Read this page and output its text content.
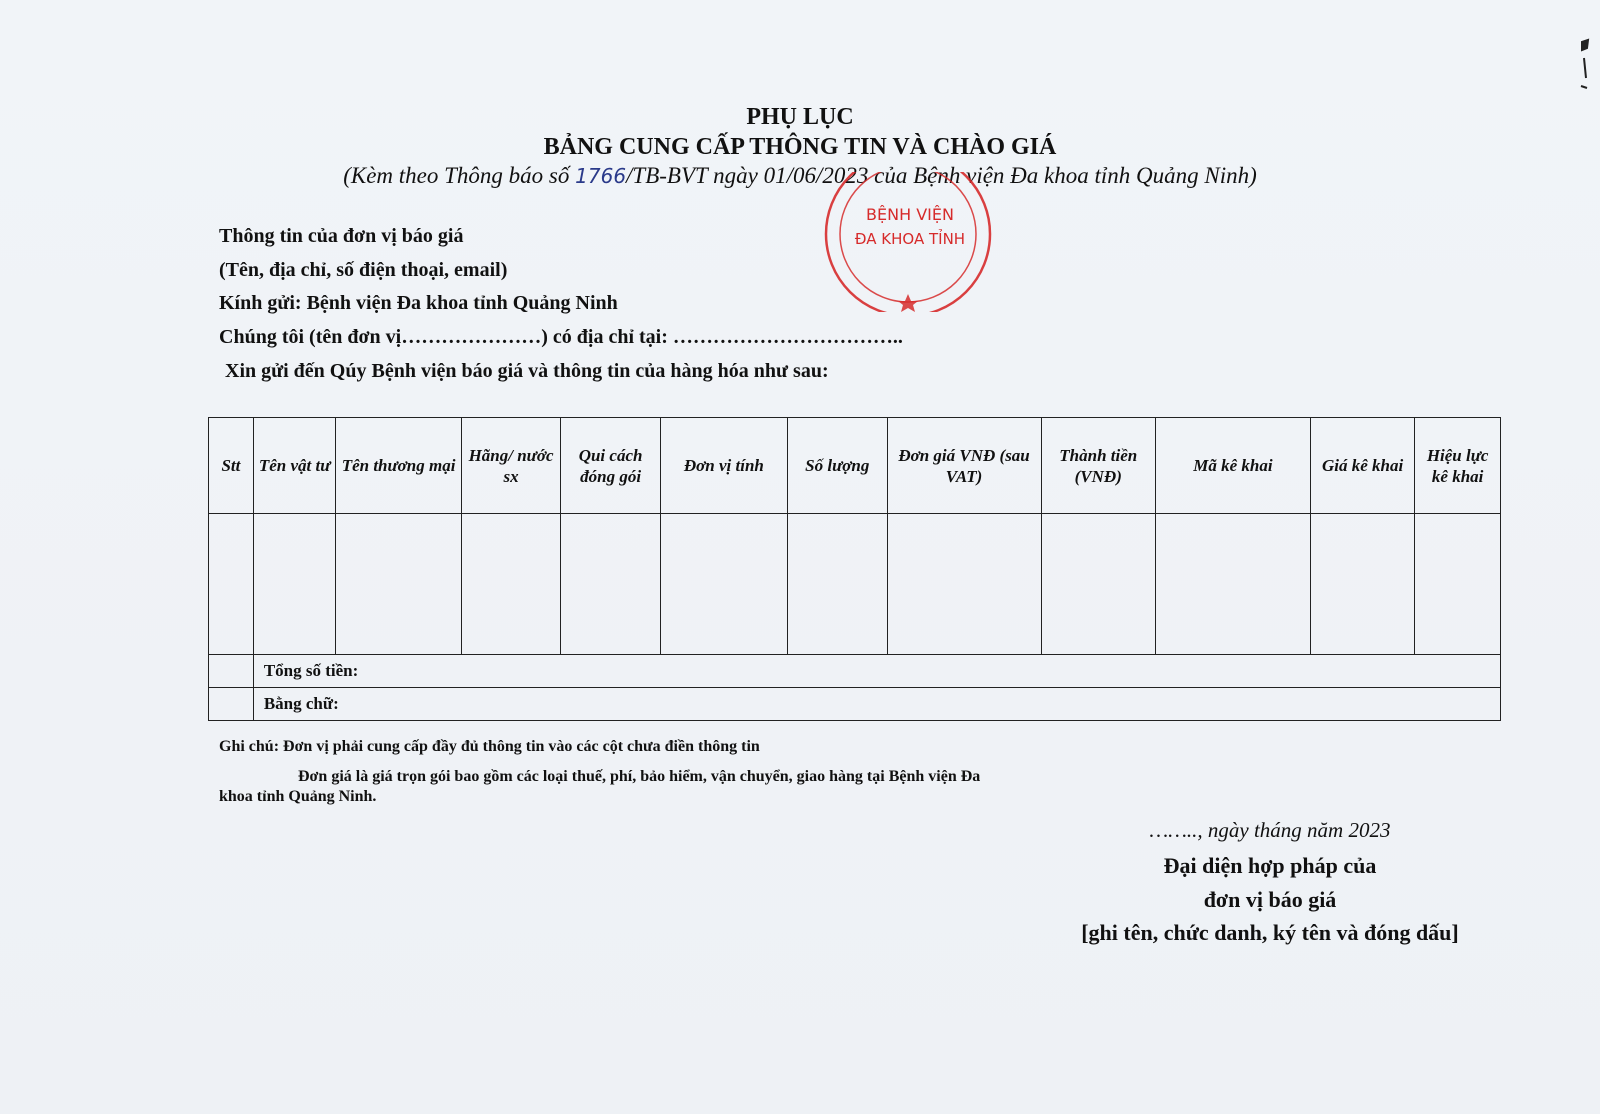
PHỤ LỤC
BẢNG CUNG CẤP THÔNG TIN VÀ CHÀO GIÁ
(Kèm theo Thông báo số 1766/TB-BVT ngày 01/06/2023 của Bệnh viện Đa khoa tỉnh Quảng Ninh)
BỆNH VIỆN
ĐA KHOA TỈNH
Thông tin của đơn vị báo giá
(Tên, địa chỉ, số điện thoại, email)
Kính gửi: Bệnh viện Đa khoa tỉnh Quảng Ninh
Chúng tôi (tên đơn vị…………………) có địa chỉ tại: ……………………………..
Xin gửi đến Qúy Bệnh viện báo giá và thông tin của hàng hóa như sau:
Stt	Tên vật tư	Tên thương mại	Hãng/ nước sx	Qui cách đóng gói	Đơn vị tính	Số lượng	Đơn giá VNĐ (sau VAT)	Thành tiền (VNĐ)	Mã kê khai	Giá kê khai	Hiệu lực kê khai

	Tổng số tiền:										
	Bằng chữ:										
Ghi chú: Đơn vị phải cung cấp đầy đủ thông tin vào các cột chưa điền thông tin
Đơn giá là giá trọn gói bao gồm các loại thuế, phí, bảo hiểm, vận chuyển, giao hàng tại Bệnh viện Đa
khoa tỉnh Quảng Ninh.
…….., ngày tháng năm 2023
Đại diện hợp pháp của
đơn vị báo giá
[ghi tên, chức danh, ký tên và đóng dấu]
